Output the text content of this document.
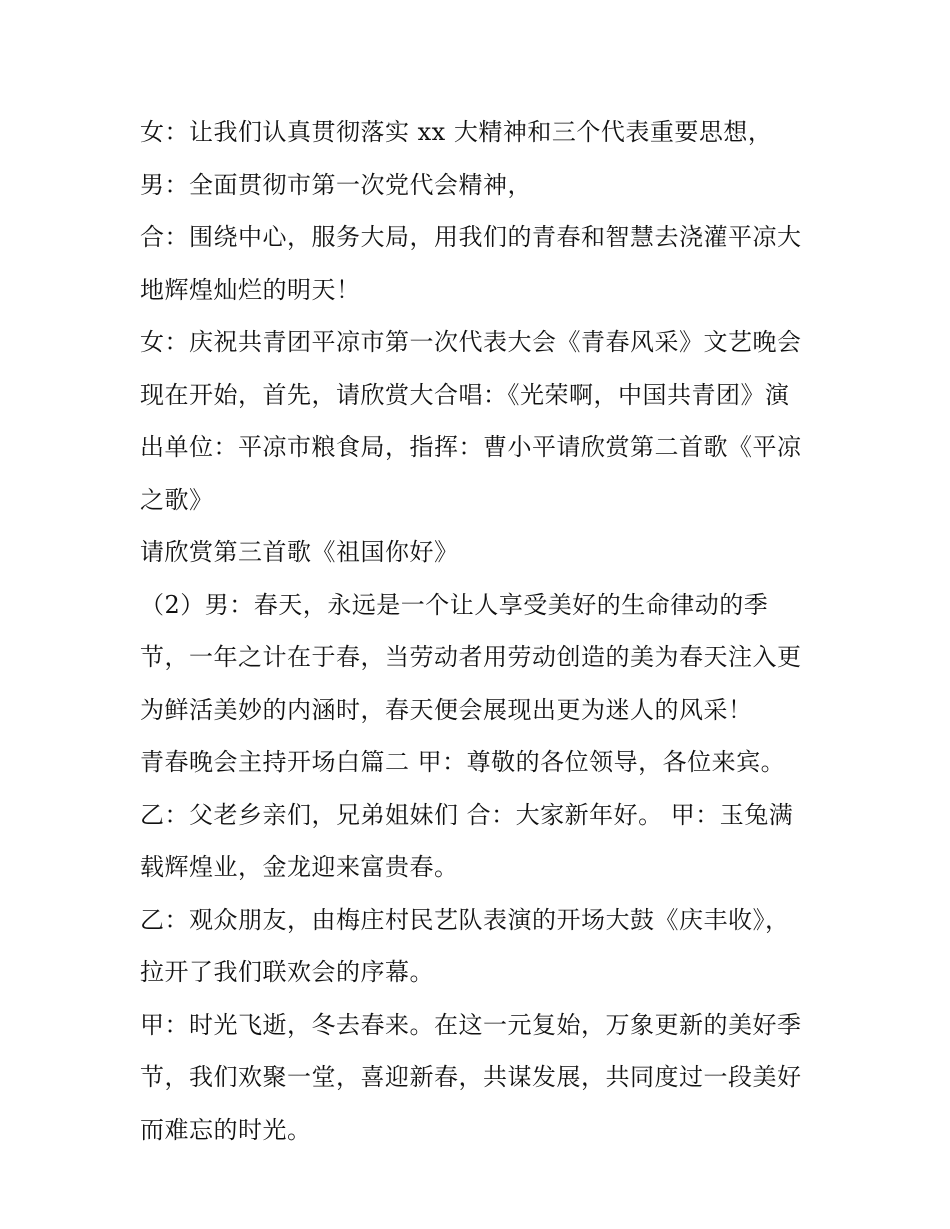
女：让我们认真贯彻落实 xx 大精神和三个代表重要思想，
男：全面贯彻市第一次党代会精神，
合：围绕中心，服务大局，用我们的青春和智慧去浇灌平凉大
地辉煌灿烂的明天！
女：庆祝共青团平凉市第一次代表大会《青春风采》文艺晚会
现在开始，首先，请欣赏大合唱：《光荣啊，中国共青团》演
出单位：平凉市粮食局，指挥：曹小平请欣赏第二首歌《平凉
之歌》
请欣赏第三首歌《祖国你好》
（2）男：春天，永远是一个让人享受美好的生命律动的季
节，一年之计在于春，当劳动者用劳动创造的美为春天注入更
为鲜活美妙的内涵时，春天便会展现出更为迷人的风采！
青春晚会主持开场白篇二 甲：尊敬的各位领导，各位来宾。
乙：父老乡亲们，兄弟姐妹们 合：大家新年好。 甲：玉兔满
载辉煌业，金龙迎来富贵春。
乙：观众朋友，由梅庄村民艺队表演的开场大鼓《庆丰收》，
拉开了我们联欢会的序幕。
甲：时光飞逝，冬去春来。在这一元复始，万象更新的美好季
节，我们欢聚一堂，喜迎新春，共谋发展，共同度过一段美好
而难忘的时光。
